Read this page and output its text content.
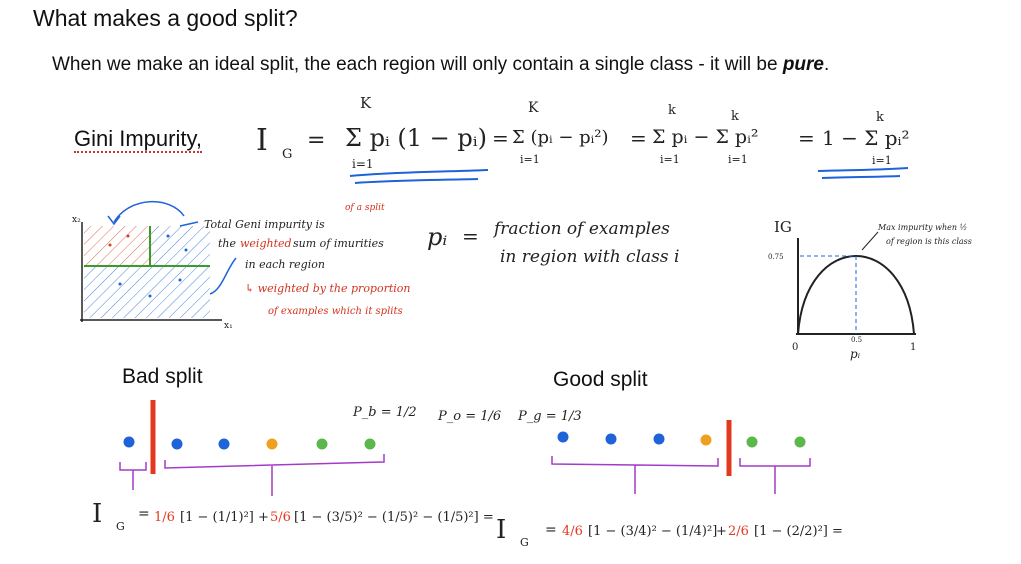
What makes a good split?
When we make an ideal split, the each region will only contain a single class - it will be pure.
Gini Impurity, I G
=
K
Σ pᵢ (1 − pᵢ)
i=1
=
K
Σ (pᵢ − pᵢ²)
i=1
=
k	k
Σ pᵢ − Σ pᵢ²
i=1	i=1
=
k
1 − Σ pᵢ²
i=1
x₁
x₂	Total Geni impurity is
of a split
the weighted sum of imurities
in each region
↳ weighted by the proportion
of examples which it splits
pᵢ = fraction of examples
in region with class i
IG
0.75
0.5
0	1
pᵢ
Max impurity when ½
of region is this class
P_b = 1/2 P_o = 1/6 P_g = 1/3
I G
= 1/6 [1 − (1/1)²] + 5/6 [1 − (3/5)² − (1/5)² − (1/5)²] = I G
= 4/6 [1 − (3/4)² − (1/4)²]
+ 2/6 [1 − (2/2)²] =
Bad split	Good split
